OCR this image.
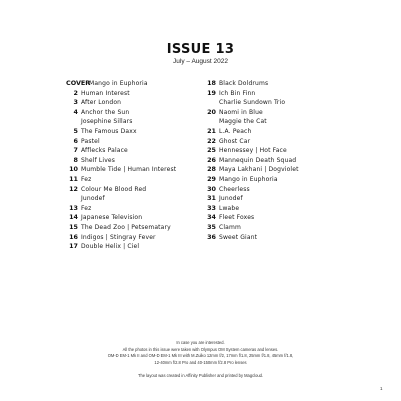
ISSUE 13
July – August 2022
COVER
Mango in Euphoria
2 Human Interest
3 After London
4 Anchor the Sun
Josephine Sillars
5 The Famous Daxx
6 Pastel
7 Afflecks Palace
8 Shelf Lives
10 Mumble Tide | Human Interest
11 Fez
12 Colour Me Blood Red
Junodef
13 Fez
14 Japanese Television
15 The Dead Zoo | Petsematary
16 Indigos | Stingray Fever
17 Double Helix | Ciel
18 Black Doldrums
19 Ich Bin Finn
Charlie Sundown Trio
20 Naomi in Blue
Maggie the Cat
21 L.A. Peach
22 Ghost Car
25 Hennessey | Hot Face
26 Mannequin Death Squad
28 Maya Lakhani | Dogviolet
29 Mango in Euphoria
30 Cheerless
31 Junodef
33 Lwabe
34 Fleet Foxes
35 Clamm
36 Sweet Giant
In case you are interested.
All the photos in this issue were taken with Olympus OM System cameras and lenses.
OM-D EM-1 Mk II and OM-D EM-1 Mk III with M.Zuiko 12mm f/2, 17mm f/1.8, 25mm f/1.8, 45mm f/1.8,
12-40mm f/2.8 Pro and 40-150mm f/2.8 Pro lenses
The layout was created in Affinity Publisher and printed by Magcloud.
1
